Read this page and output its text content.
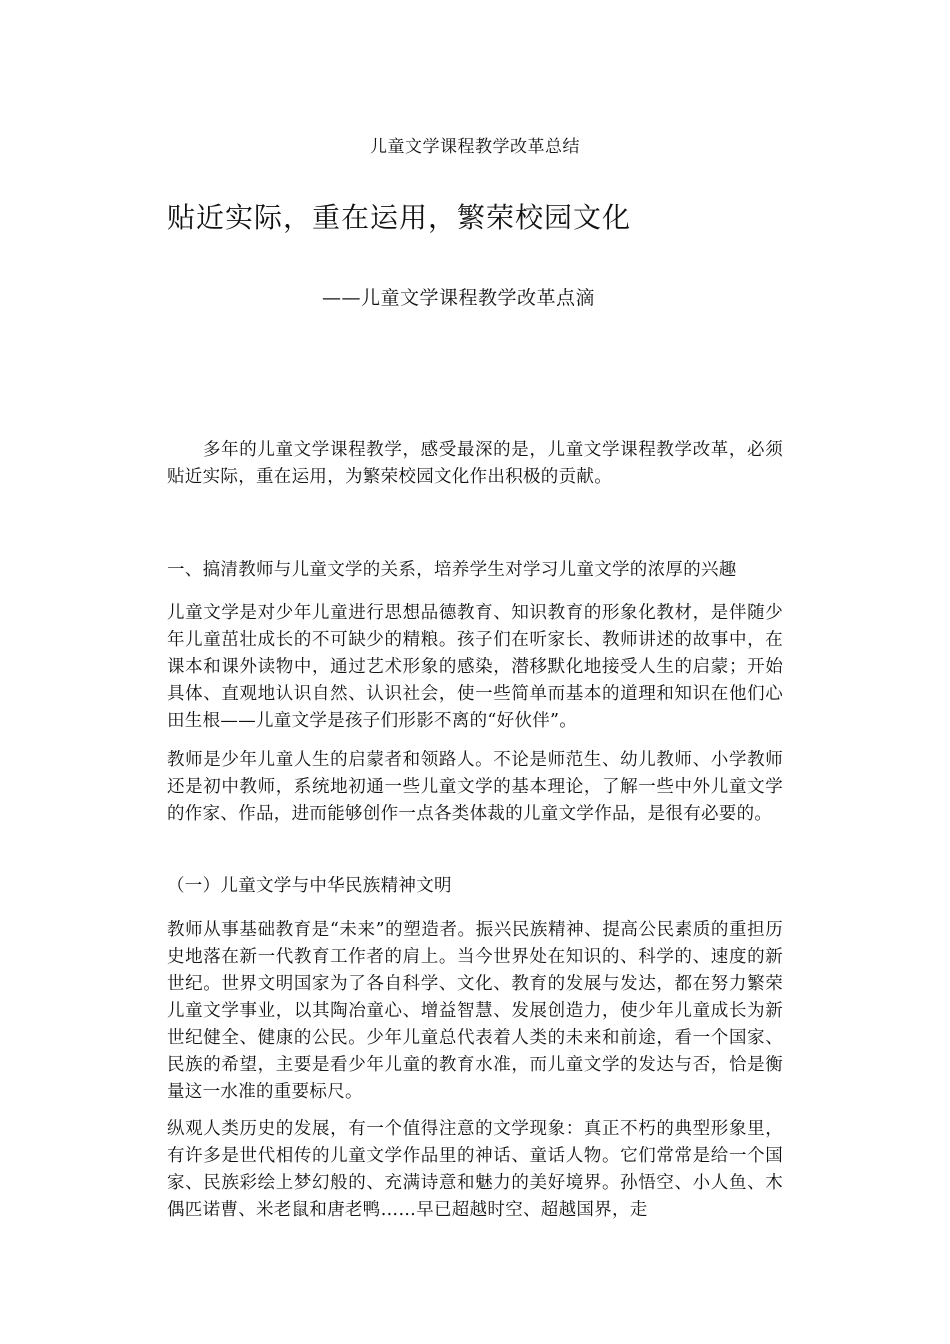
儿童文学课程教学改革总结
贴近实际，重在运用，繁荣校园文化
——儿童文学课程教学改革点滴

多年的儿童文学课程教学，感受最深的是，儿童文学课程教学改革，必须贴近实际，重在运用，为繁荣校园文化作出积极的贡献。

一、搞清教师与儿童文学的关系，培养学生对学习儿童文学的浓厚的兴趣

儿童文学是对少年儿童进行思想品德教育、知识教育的形象化教材，是伴随少年儿童茁壮成长的不可缺少的精粮。孩子们在听家长、教师讲述的故事中，在课本和课外读物中，通过艺术形象的感染，潜移默化地接受人生的启蒙；开始具体、直观地认识自然、认识社会，使一些简单而基本的道理和知识在他们心田生根——儿童文学是孩子们形影不离的“好伙伴”。

教师是少年儿童人生的启蒙者和领路人。不论是师范生、幼儿教师、小学教师还是初中教师，系统地初通一些儿童文学的基本理论，了解一些中外儿童文学的作家、作品，进而能够创作一点各类体裁的儿童文学作品，是很有必要的。

（一）儿童文学与中华民族精神文明

教师从事基础教育是“未来”的塑造者。振兴民族精神、提高公民素质的重担历史地落在新一代教育工作者的肩上。当今世界处在知识的、科学的、速度的新世纪。世界文明国家为了各自科学、文化、教育的发展与发达，都在努力繁荣儿童文学事业，以其陶冶童心、增益智慧、发展创造力，使少年儿童成长为新世纪健全、健康的公民。少年儿童总代表着人类的未来和前途，看一个国家、民族的希望，主要是看少年儿童的教育水准，而儿童文学的发达与否，恰是衡量这一水准的重要标尺。

纵观人类历史的发展，有一个值得注意的文学现象：真正不朽的典型形象里，有许多是世代相传的儿童文学作品里的神话、童话人物。它们常常是给一个国家、民族彩绘上梦幻般的、充满诗意和魅力的美好境界。孙悟空、小人鱼、木偶匹诺曹、米老鼠和唐老鸭……早已超越时空、超越国界，走
